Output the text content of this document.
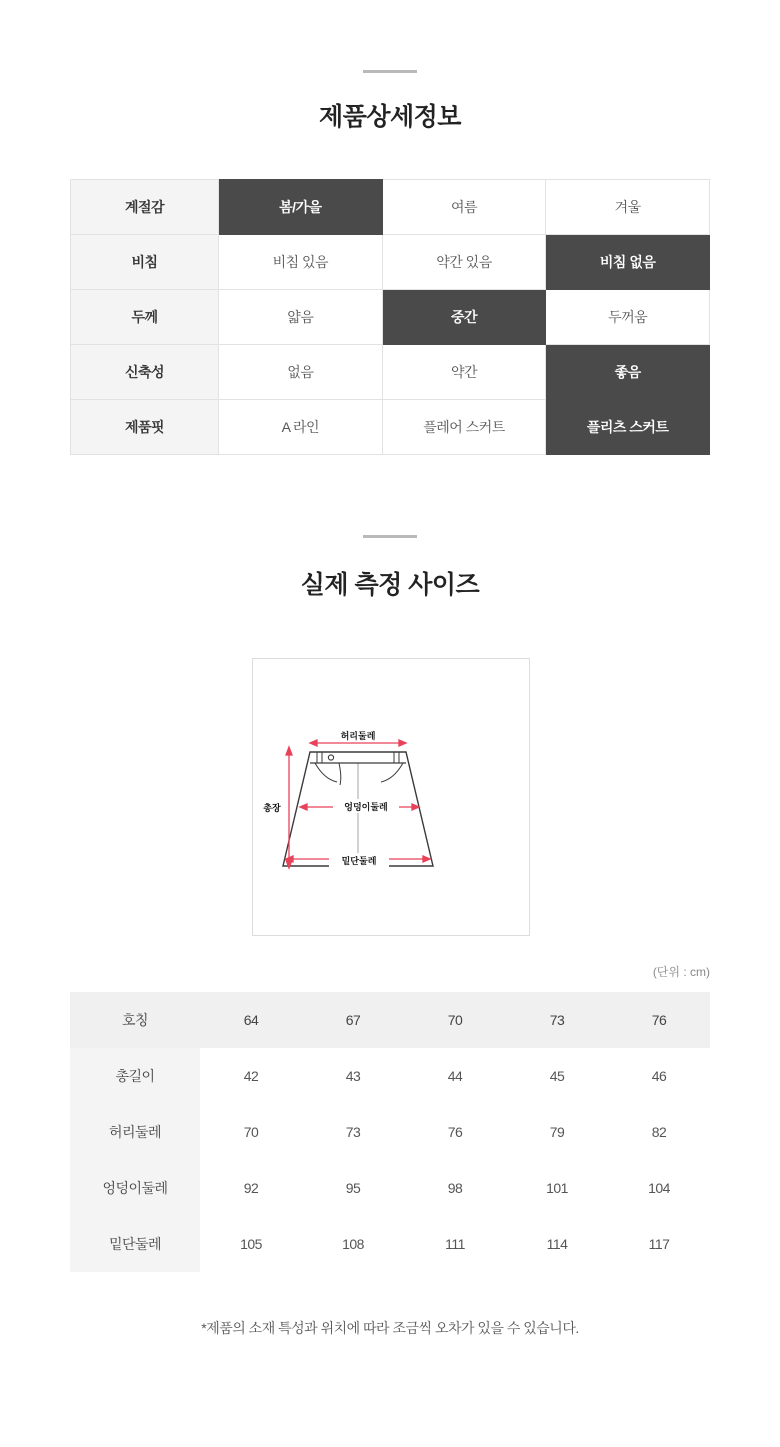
제품상세정보
계절감	봄/가을	여름	겨울
비침	비침 있음	약간 있음	비침 없음
두께	얇음	중간	두꺼움
신축성	없음	약간	좋음
제품핏	A 라인	플레어 스커트	플리츠 스커트
실제 측정 사이즈
허리둘레
엉덩이둘레
밑단둘레
총장
(단위 : cm)
호칭	64	67	70	73	76
총길이	42	43	44	45	46
허리둘레	70	73	76	79	82
엉덩이둘레	92	95	98	101	104
밑단둘레	105	108	111	114	117
*제품의 소재 특성과 위치에 따라 조금씩 오차가 있을 수 있습니다.
